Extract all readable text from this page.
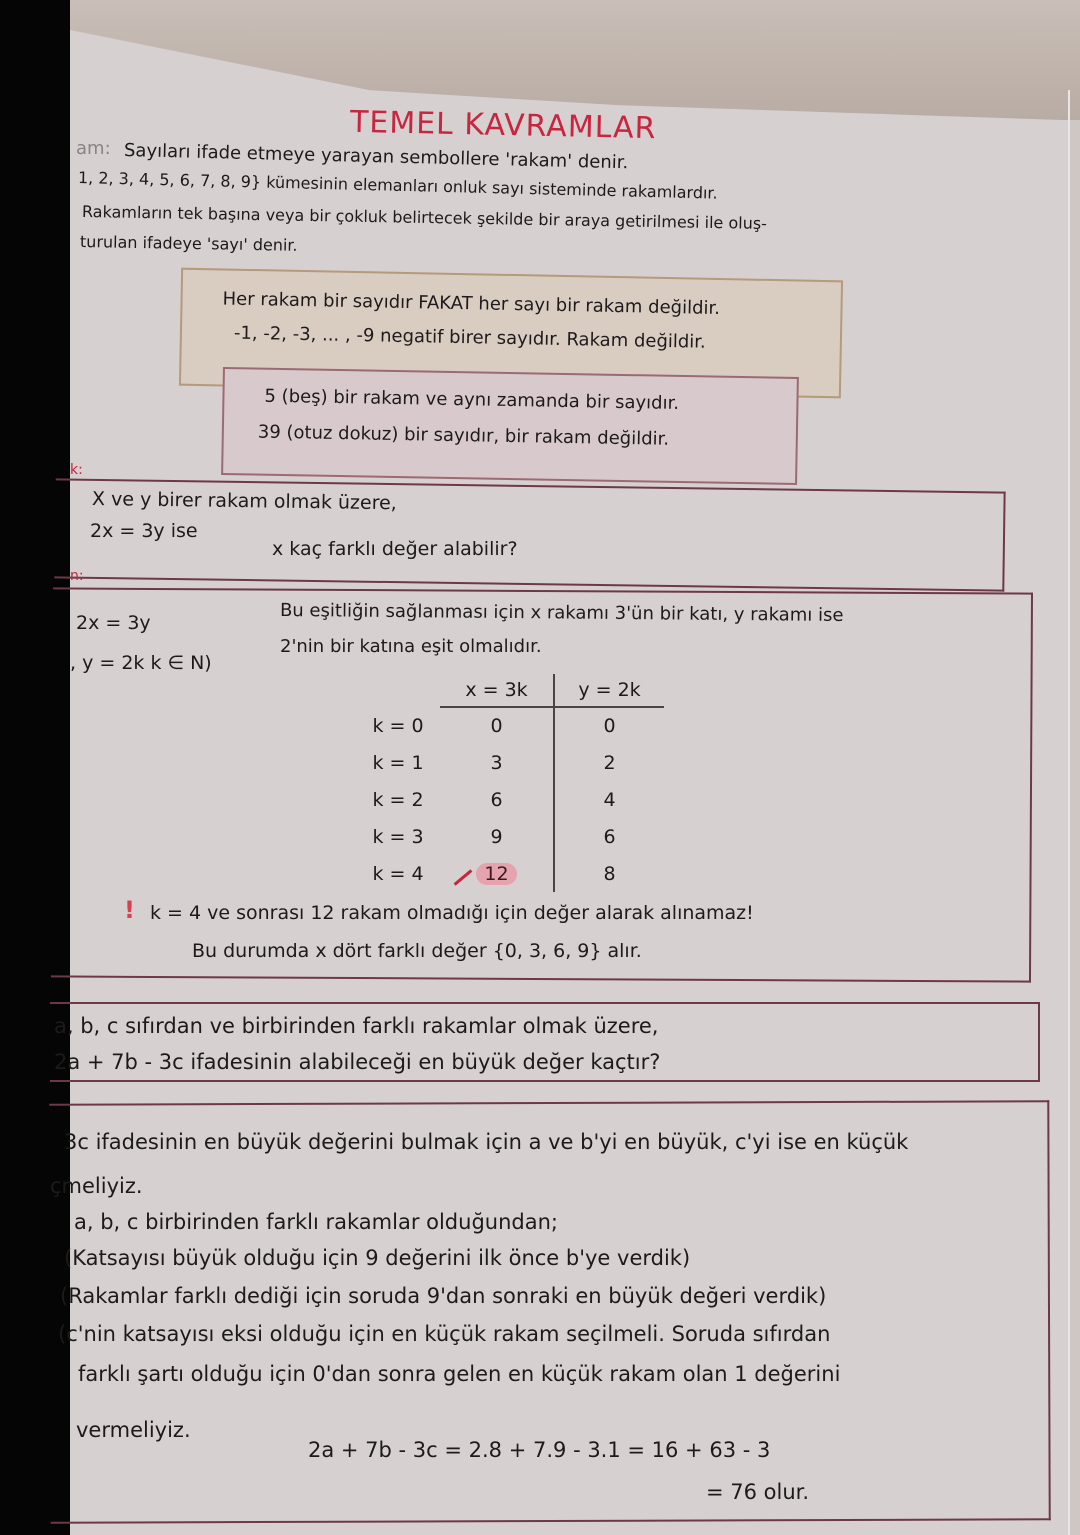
TEMEL KAVRAMLAR
am: Sayıları ifade etmeye yarayan sembollere 'rakam' denir.
1, 2, 3, 4, 5, 6, 7, 8, 9} kümesinin elemanları onluk sayı sisteminde rakamlardır.
Rakamların tek başına veya bir çokluk belirtecek şekilde bir araya getirilmesi ile oluş-
turulan ifadeye 'sayı' denir.
Her rakam bir sayıdır FAKAT her sayı bir rakam değildir.
-1, -2, -3, ... , -9 negatif birer sayıdır. Rakam değildir.
5 (beş) bir rakam ve aynı zamanda bir sayıdır.
39 (otuz dokuz) bir sayıdır, bir rakam değildir.
k:
X ve y birer rakam olmak üzere,
2x = 3y ise
x kaç farklı değer alabilir?
n:
2x = 3y
, y = 2k k ∈ N)
Bu eşitliğin sağlanması için x rakamı 3'ün bir katı, y rakamı ise
2'nin bir katına eşit olmalıdır.
	x = 3k	y = 2k
k = 0	0	0
k = 1	3	2
k = 2	6	4
k = 3	9	6
k = 4	12	8
! k = 4 ve sonrası 12 rakam olmadığı için değer alarak alınamaz!
Bu durumda x dört farklı değer {0, 3, 6, 9} alır.
a, b, c sıfırdan ve birbirinden farklı rakamlar olmak üzere,
2a + 7b - 3c ifadesinin alabileceği en büyük değer kaçtır?
3c ifadesinin en büyük değerini bulmak için a ve b'yi en büyük, c'yi ise en küçük
çmeliyiz.
a, b, c birbirinden farklı rakamlar olduğundan;
(Katsayısı büyük olduğu için 9 değerini ilk önce b'ye verdik)
(Rakamlar farklı dediği için soruda 9'dan sonraki en büyük değeri verdik)
(c'nin katsayısı eksi olduğu için en küçük rakam seçilmeli. Soruda sıfırdan
farklı şartı olduğu için 0'dan sonra gelen en küçük rakam olan 1 değerini
vermeliyiz.
2a + 7b - 3c = 2.8 + 7.9 - 3.1 = 16 + 63 - 3
= 76 olur.
